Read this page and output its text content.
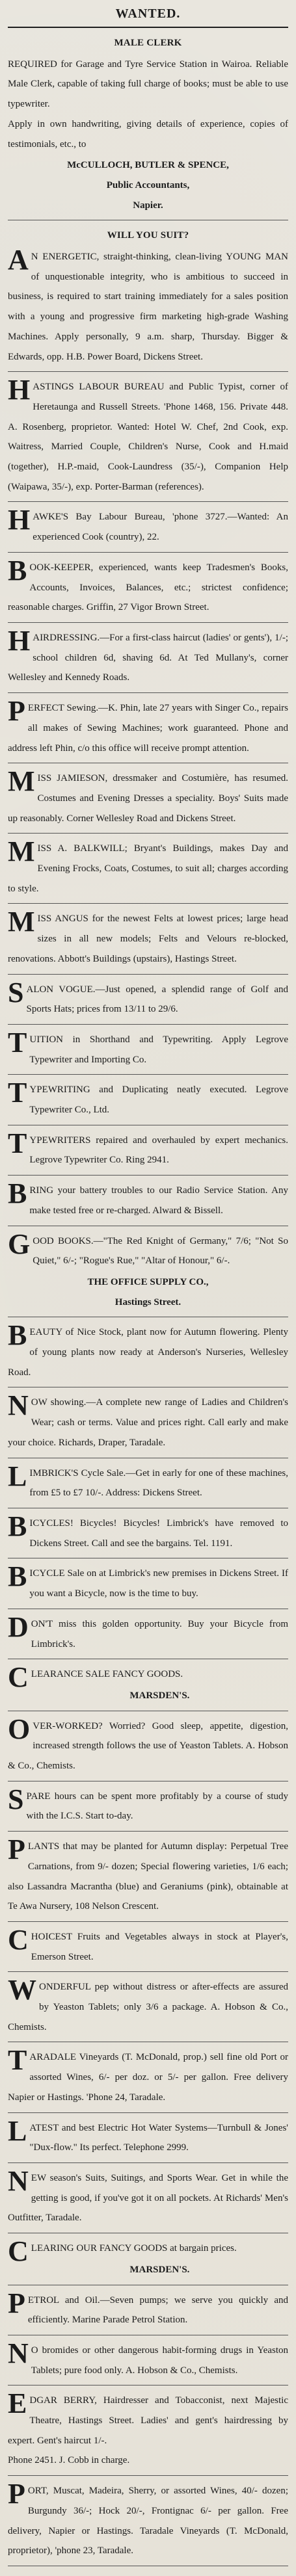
WANTED.
MALE CLERK
REQUIRED for Garage and Tyre Service Station in Wairoa. Reliable Male Clerk, capable of taking full charge of books; must be able to use typewriter.
Apply in own handwriting, giving details of experience, copies of testimonials, etc., to
McCULLOCH, BUTLER & SPENCE,
Public Accountants,
Napier.
WILL YOU SUIT?
AN ENERGETIC, straight-thinking, clean-living YOUNG MAN of unquestionable integrity, who is ambitious to succeed in business, is required to start training immediately for a sales position with a young and progressive firm marketing high-grade Washing Machines. Apply personally, 9 a.m. sharp, Thursday. Bigger & Edwards, opp. H.B. Power Board, Dickens Street.
HASTINGS LABOUR BUREAU and Public Typist, corner of Heretaunga and Russell Streets. 'Phone 1468, 156. Private 448. A. Rosenberg, proprietor. Wanted: Hotel W. Chef, 2nd Cook, exp. Waitress, Married Couple, Children's Nurse, Cook and H.maid (together), H.P.-maid, Cook-Laundress (35/-), Companion Help (Waipawa, 35/-), exp. Porter-Barman (references).
HAWKE'S Bay Labour Bureau, 'phone 3727.—Wanted: An experienced Cook (country), 22.
BOOK-KEEPER, experienced, wants keep Tradesmen's Books, Accounts, Invoices, Balances, etc.; strictest confidence; reasonable charges. Griffin, 27 Vigor Brown Street.
HAIRDRESSING.—For a first-class haircut (ladies' or gents'), 1/-; school children 6d, shaving 6d. At Ted Mullany's, corner Wellesley and Kennedy Roads.
PERFECT Sewing.—K. Phin, late 27 years with Singer Co., repairs all makes of Sewing Machines; work guaranteed. Phone and address left Phin, c/o this office will receive prompt attention.
MISS JAMIESON, dressmaker and Costumière, has resumed. Costumes and Evening Dresses a speciality. Boys' Suits made up reasonably. Corner Wellesley Road and Dickens Street.
MISS A. BALKWILL; Bryant's Buildings, makes Day and Evening Frocks, Coats, Costumes, to suit all; charges according to style.
MISS ANGUS for the newest Felts at lowest prices; large head sizes in all new models; Felts and Velours re-blocked, renovations. Abbott's Buildings (upstairs), Hastings Street.
SALON VOGUE.—Just opened, a splendid range of Golf and Sports Hats; prices from 13/11 to 29/6.
TUITION in Shorthand and Typewriting. Apply Legrove Typewriter and Importing Co.
TYPEWRITING and Duplicating neatly executed. Legrove Typewriter Co., Ltd.
TYPEWRITERS repaired and overhauled by expert mechanics. Legrove Typewriter Co. Ring 2941.
BRING your battery troubles to our Radio Service Station. Any make tested free or re-charged. Alward & Bissell.
GOOD BOOKS.—"The Red Knight of Germany," 7/6; "Not So Quiet," 6/-; "Rogue's Rue," "Altar of Honour," 6/-.
THE OFFICE SUPPLY CO.,
Hastings Street.
BEAUTY of Nice Stock, plant now for Autumn flowering. Plenty of young plants now ready at Anderson's Nurseries, Wellesley Road.
NOW showing.—A complete new range of Ladies and Children's Wear; cash or terms. Value and prices right. Call early and make your choice. Richards, Draper, Taradale.
LIMBRICK'S Cycle Sale.—Get in early for one of these machines, from £5 to £7 10/-. Address: Dickens Street.
BICYCLES! Bicycles! Bicycles! Limbrick's have removed to Dickens Street. Call and see the bargains. Tel. 1191.
BICYCLE Sale on at Limbrick's new premises in Dickens Street. If you want a Bicycle, now is the time to buy.
DON'T miss this golden opportunity. Buy your Bicycle from Limbrick's.
CLEARANCE SALE FANCY GOODS.
MARSDEN'S.
OVER-WORKED? Worried? Good sleep, appetite, digestion, increased strength follows the use of Yeaston Tablets. A. Hobson & Co., Chemists.
SPARE hours can be spent more profitably by a course of study with the I.C.S. Start to-day.
PLANTS that may be planted for Autumn display: Perpetual Tree Carnations, from 9/- dozen; Special flowering varieties, 1/6 each; also Lassandra Macrantha (blue) and Geraniums (pink), obtainable at Te Awa Nursery, 108 Nelson Crescent.
CHOICEST Fruits and Vegetables always in stock at Player's, Emerson Street.
WONDERFUL pep without distress or after-effects are assured by Yeaston Tablets; only 3/6 a package. A. Hobson & Co., Chemists.
TARADALE Vineyards (T. McDonald, prop.) sell fine old Port or assorted Wines, 6/- per doz. or 5/- per gallon. Free delivery Napier or Hastings. 'Phone 24, Taradale.
LATEST and best Electric Hot Water Systems—Turnbull & Jones' "Dux-flow." Its perfect. Telephone 2999.
NEW season's Suits, Suitings, and Sports Wear. Get in while the getting is good, if you've got it on all pockets. At Richards' Men's Outfitter, Taradale.
CLEARING OUR FANCY GOODS at bargain prices.
MARSDEN'S.
PETROL and Oil.—Seven pumps; we serve you quickly and efficiently. Marine Parade Petrol Station.
NO bromides or other dangerous habit-forming drugs in Yeaston Tablets; pure food only. A. Hobson & Co., Chemists.
EDGAR BERRY, Hairdresser and Tobacconist, next Majestic Theatre, Hastings Street. Ladies' and gent's hairdressing by expert. Gent's haircut 1/-.
Phone 2451. J. Cobb in charge.
PORT, Muscat, Madeira, Sherry, or assorted Wines, 40/- dozen; Burgundy 36/-; Hock 20/-, Frontignac 6/- per gallon. Free delivery, Napier or Hastings. Taradale Vineyards (T. McDonald, proprietor), 'phone 23, Taradale.
